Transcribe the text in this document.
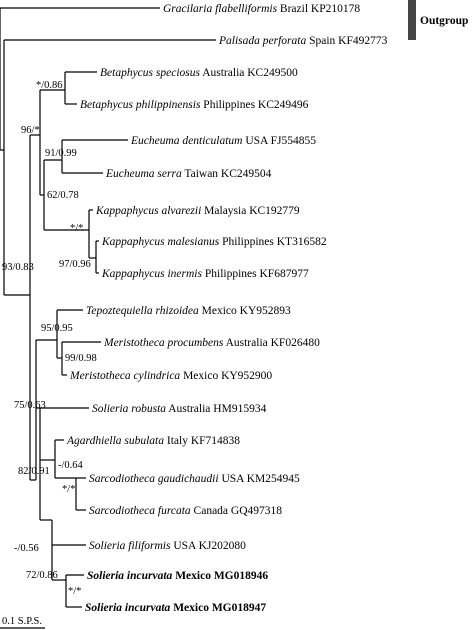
Outgroup
Gracilaria flabelliformis Brazil KP210178
Palisada perforata Spain KF492773
Betaphycus speciosus Australia KC249500
Betaphycus philippinensis Philippines KC249496
Eucheuma denticulatum USA FJ554855
Eucheuma serra Taiwan KC249504
Kappaphycus alvarezii Malaysia KC192779
Kappaphycus malesianus Philippines KT316582
Kappaphycus inermis Philippines KF687977
Tepoztequiella rhizoidea Mexico KY952893
Meristotheca procumbens Australia KF026480
Meristotheca cylindrica Mexico KY952900
Solieria robusta Australia HM915934
Agardhiella subulata Italy KF714838
Sarcodiotheca gaudichaudii USA KM254945
Sarcodiotheca furcata Canada GQ497318
Solieria filiformis USA KJ202080
Solieria incurvata Mexico MG018946
Solieria incurvata Mexico MG018947
*/0.86
96/*
91/0.99
62/0.78
*/*
97/0.96
93/0.83
95/0.95
99/0.98
75/0.63
82/0.91
-/0.64
*/*
-/0.56
72/0.86
*/*
0.1 S.P.S.
